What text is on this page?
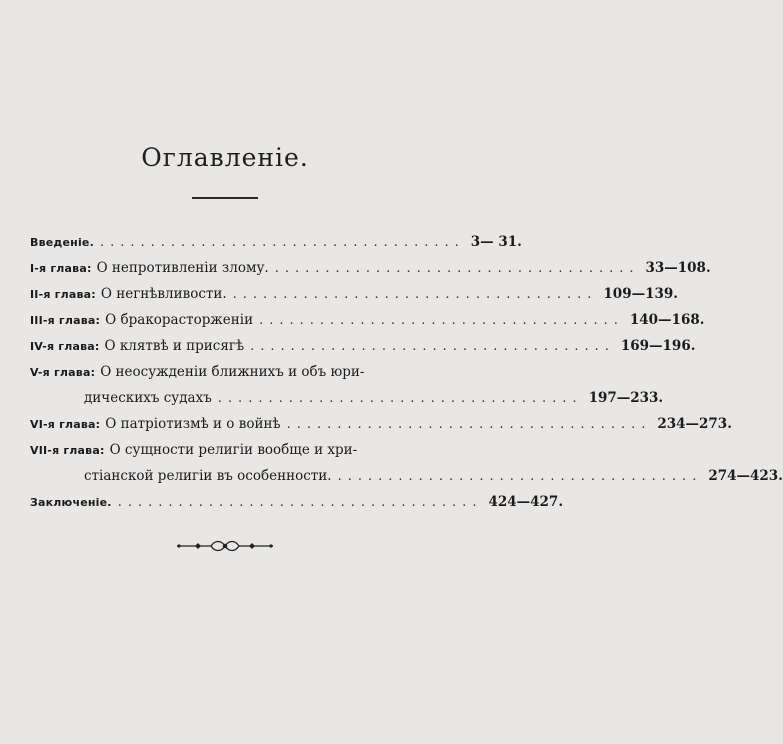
Оглавленіе.
Введеніе. .................................... 3— 31.
I-я глава: О непротивленіи злому. .................................... 33—108.
II-я глава: О негнѣвливости. .................................... 109—139.
III-я глава: О бракорасторженіи .................................... 140—168.
IV-я глава: О клятвѣ и присягѣ .................................... 169—196.
V-я глава: О неосужденіи ближнихъ и объ юри-
дическихъ судахъ .................................... 197—233.
VI-я глава: О патріотизмѣ и о войнѣ .................................... 234—273.
VII-я глава: О сущности религіи вообще и хри-
стіанской религіи въ особенности. .................................... 274—423.
Заключеніе. .................................... 424—427.
